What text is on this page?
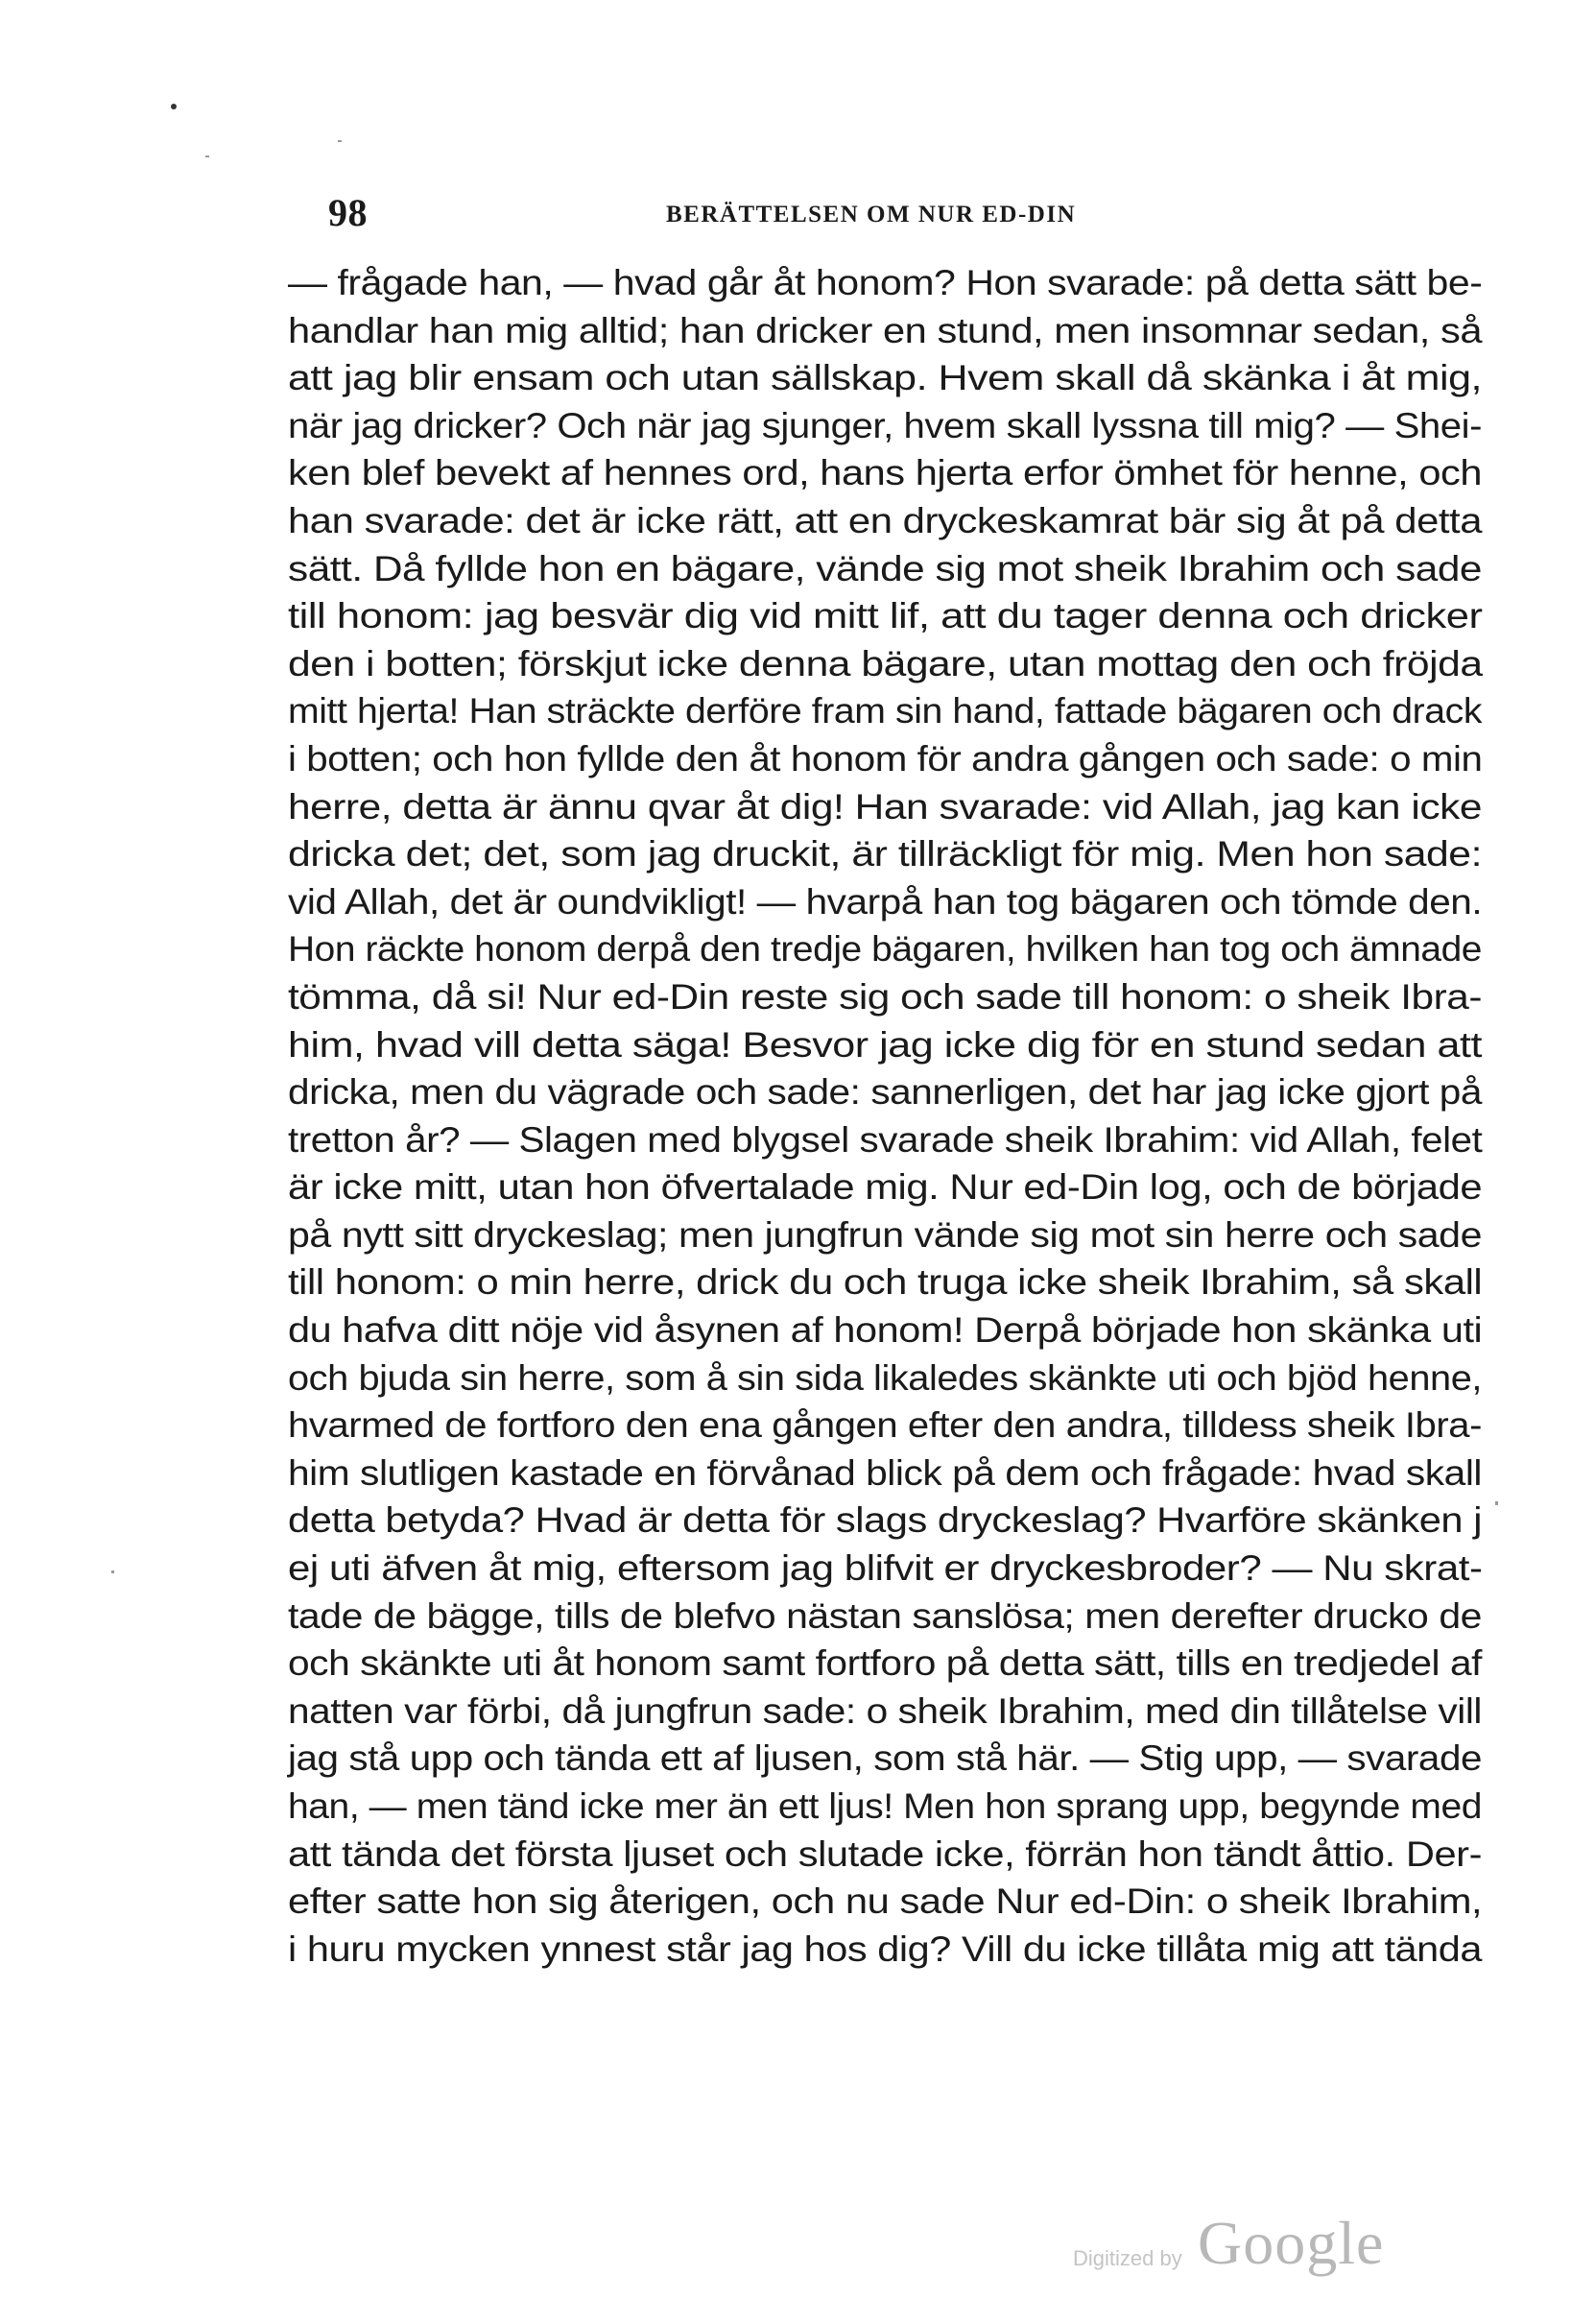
98	BERÄTTELSEN OM NUR ED-DIN
— frågade han, — hvad går åt honom? Hon svarade: på detta sätt be-
handlar han mig alltid; han dricker en stund, men insomnar sedan, så
att jag blir ensam och utan sällskap. Hvem skall då skänka i åt mig,
när jag dricker? Och när jag sjunger, hvem skall lyssna till mig? — Shei-
ken blef bevekt af hennes ord, hans hjerta erfor ömhet för henne, och
han svarade: det är icke rätt, att en dryckeskamrat bär sig åt på detta
sätt. Då fyllde hon en bägare, vände sig mot sheik Ibrahim och sade
till honom: jag besvär dig vid mitt lif, att du tager denna och dricker
den i botten; förskjut icke denna bägare, utan mottag den och fröjda
mitt hjerta! Han sträckte derföre fram sin hand, fattade bägaren och drack
i botten; och hon fyllde den åt honom för andra gången och sade: o min
herre, detta är ännu qvar åt dig! Han svarade: vid Allah, jag kan icke
dricka det; det, som jag druckit, är tillräckligt för mig. Men hon sade:
vid Allah, det är oundvikligt! — hvarpå han tog bägaren och tömde den.
Hon räckte honom derpå den tredje bägaren, hvilken han tog och ämnade
tömma, då si! Nur ed-Din reste sig och sade till honom: o sheik Ibra-
him, hvad vill detta säga! Besvor jag icke dig för en stund sedan att
dricka, men du vägrade och sade: sannerligen, det har jag icke gjort på
tretton år? — Slagen med blygsel svarade sheik Ibrahim: vid Allah, felet
är icke mitt, utan hon öfvertalade mig. Nur ed-Din log, och de började
på nytt sitt dryckeslag; men jungfrun vände sig mot sin herre och sade
till honom: o min herre, drick du och truga icke sheik Ibrahim, så skall
du hafva ditt nöje vid åsynen af honom! Derpå började hon skänka uti
och bjuda sin herre, som å sin sida likaledes skänkte uti och bjöd henne,
hvarmed de fortforo den ena gången efter den andra, tilldess sheik Ibra-
him slutligen kastade en förvånad blick på dem och frågade: hvad skall
detta betyda? Hvad är detta för slags dryckeslag? Hvarföre skänken j
ej uti äfven åt mig, eftersom jag blifvit er dryckesbroder? — Nu skrat-
tade de bägge, tills de blefvo nästan sanslösa; men derefter drucko de
och skänkte uti åt honom samt fortforo på detta sätt, tills en tredjedel af
natten var förbi, då jungfrun sade: o sheik Ibrahim, med din tillåtelse vill
jag stå upp och tända ett af ljusen, som stå här. — Stig upp, — svarade
han, — men tänd icke mer än ett ljus! Men hon sprang upp, begynde med
att tända det första ljuset och slutade icke, förrän hon tändt åttio. Der-
efter satte hon sig återigen, och nu sade Nur ed-Din: o sheik Ibrahim,
i huru mycken ynnest står jag hos dig? Vill du icke tillåta mig att tända
Digitized by Google
